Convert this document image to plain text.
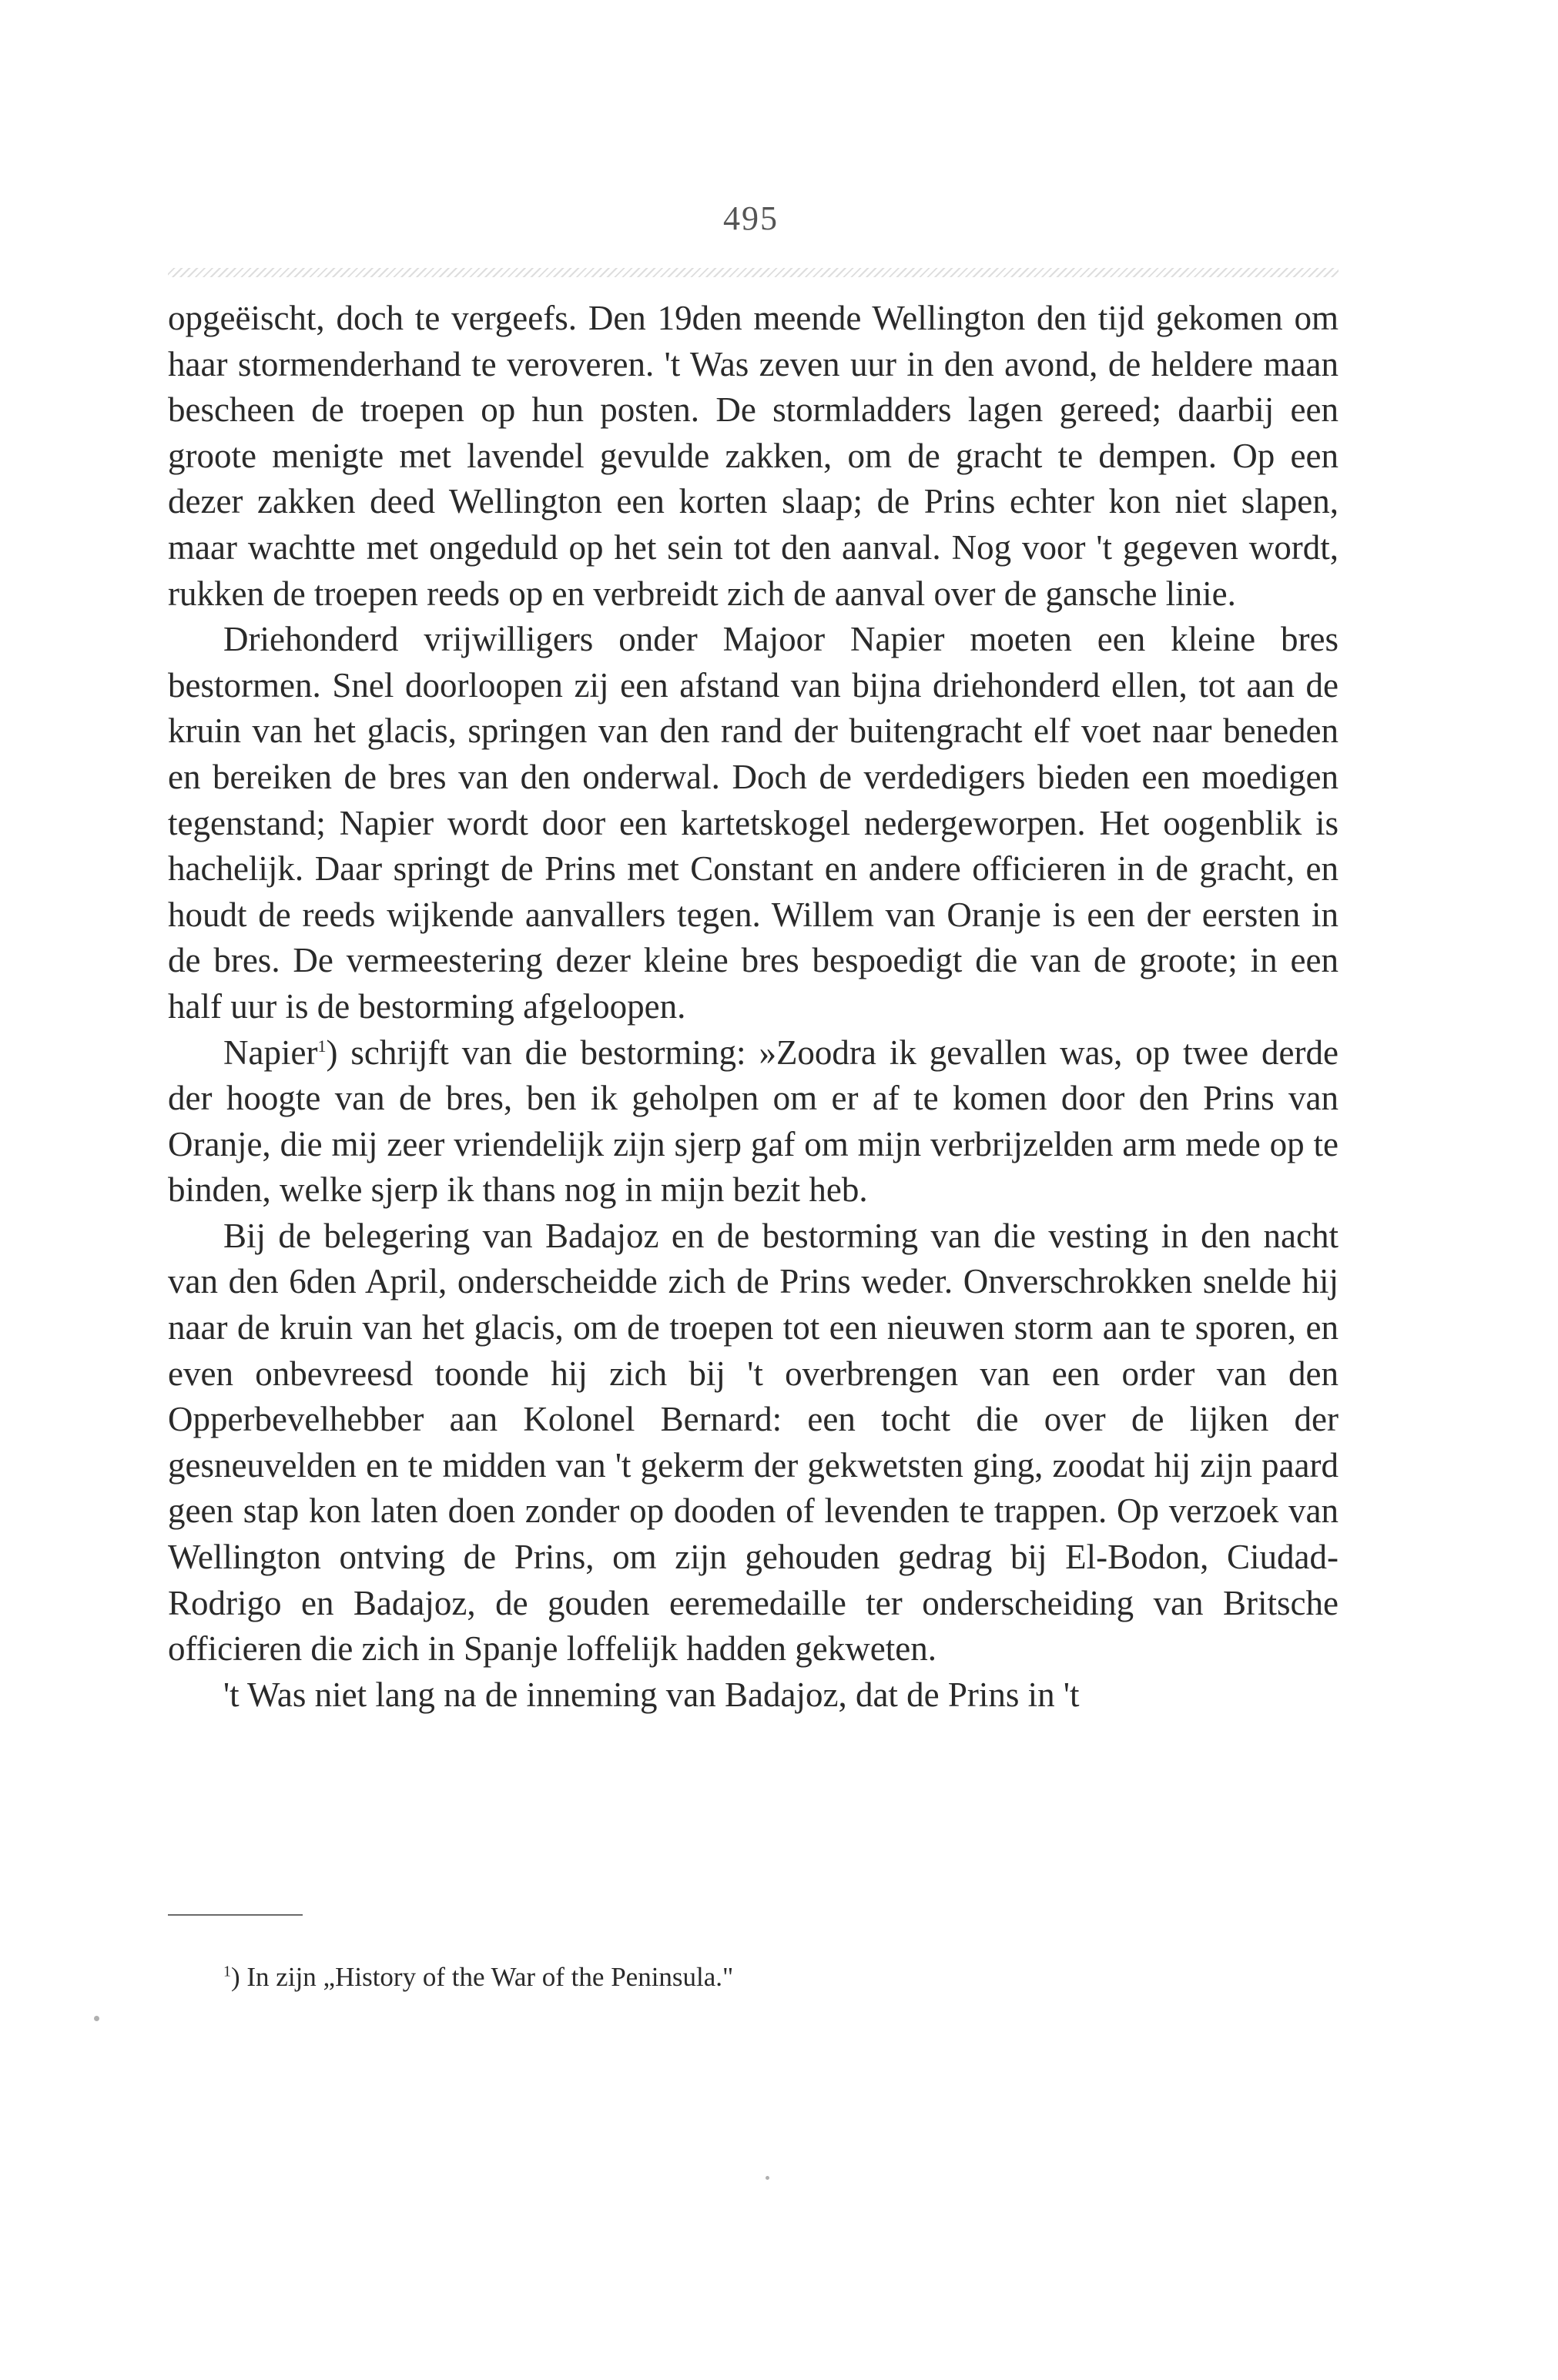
495

opgeëischt, doch te vergeefs. Den 19den meende Wellington den tijd gekomen om haar stormenderhand te veroveren. 't Was zeven uur in den avond, de heldere maan bescheen de troepen op hun posten. De stormladders lagen gereed; daarbij een groote menigte met lavendel gevulde zakken, om de gracht te dempen. Op een dezer zakken deed Wellington een korten slaap; de Prins echter kon niet slapen, maar wachtte met ongeduld op het sein tot den aanval. Nog voor 't gegeven wordt, rukken de troepen reeds op en verbreidt zich de aanval over de gansche linie.

Driehonderd vrijwilligers onder Majoor Napier moeten een kleine bres bestormen. Snel doorloopen zij een afstand van bijna driehonderd ellen, tot aan de kruin van het glacis, springen van den rand der buitengracht elf voet naar beneden en bereiken de bres van den onderwal. Doch de verdedigers bieden een moedigen tegenstand; Napier wordt door een kartetskogel nedergeworpen. Het oogenblik is hachelijk. Daar springt de Prins met Constant en andere officieren in de gracht, en houdt de reeds wijkende aanvallers tegen. Willem van Oranje is een der eersten in de bres. De vermeestering dezer kleine bres bespoedigt die van de groote; in een half uur is de bestorming afgeloopen.

Napier$^1$) schrijft van die bestorming: »Zoodra ik gevallen was, op twee derde der hoogte van de bres, ben ik geholpen om er af te komen door den Prins van Oranje, die mij zeer vriendelijk zijn sjerp gaf om mijn verbrijzelden arm mede op te binden, welke sjerp ik thans nog in mijn bezit heb.

Bij de belegering van Badajoz en de bestorming van die vesting in den nacht van den 6den April, onderscheidde zich de Prins weder. Onverschrokken snelde hij naar de kruin van het glacis, om de troepen tot een nieuwen storm aan te sporen, en even onbevreesd toonde hij zich bij 't overbrengen van een order van den Opperbevelhebber aan Kolonel Bernard: een tocht die over de lijken der gesneuvelden en te midden van 't gekerm der gekwetsten ging, zoodat hij zijn paard geen stap kon laten doen zonder op dooden of levenden te trappen. Op verzoek van Wellington ontving de Prins, om zijn gehouden gedrag bij El-Bodon, Ciudad-Rodrigo en Badajoz, de gouden eeremedaille ter onderscheiding van Britsche officieren die zich in Spanje loffelijk hadden gekweten.

't Was niet lang na de inneming van Badajoz, dat de Prins in 't

$^1$) In zijn „History of the War of the Peninsula."
